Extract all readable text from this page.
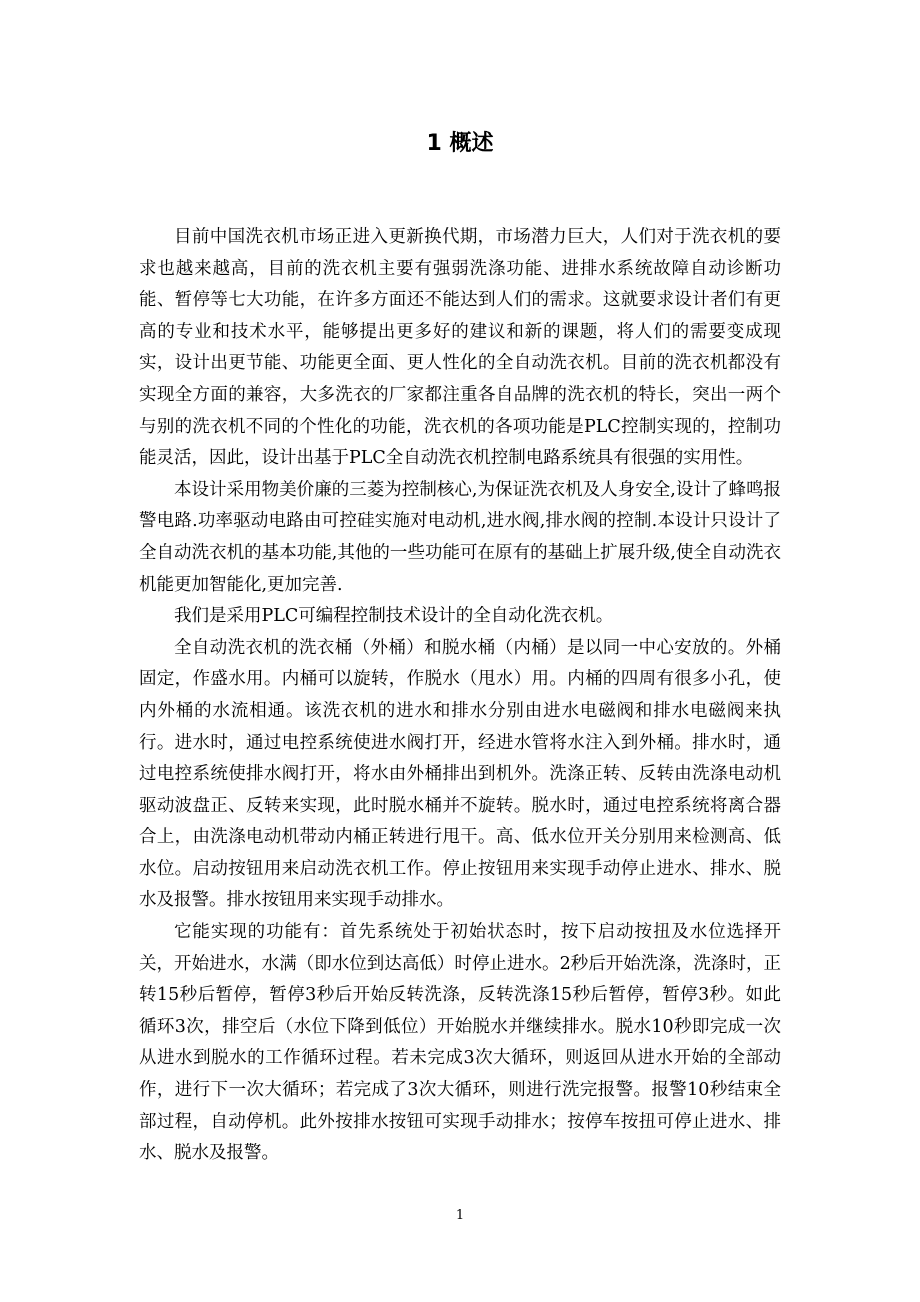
1 概述

目前中国洗衣机市场正进入更新换代期，市场潜力巨大，人们对于洗衣机的要求也越来越高，目前的洗衣机主要有强弱洗涤功能、进排水系统故障自动诊断功能、暂停等七大功能，在许多方面还不能达到人们的需求。这就要求设计者们有更高的专业和技术水平，能够提出更多好的建议和新的课题，将人们的需要变成现实，设计出更节能、功能更全面、更人性化的全自动洗衣机。目前的洗衣机都没有实现全方面的兼容，大多洗衣的厂家都注重各自品牌的洗衣机的特长，突出一两个与别的洗衣机不同的个性化的功能，洗衣机的各项功能是PLC控制实现的，控制功能灵活，因此，设计出基于PLC全自动洗衣机控制电路系统具有很强的实用性。

本设计采用物美价廉的三菱为控制核心,为保证洗衣机及人身安全,设计了蜂鸣报警电路.功率驱动电路由可控硅实施对电动机,进水阀,排水阀的控制.本设计只设计了全自动洗衣机的基本功能,其他的一些功能可在原有的基础上扩展升级,使全自动洗衣机能更加智能化,更加完善.

我们是采用PLC可编程控制技术设计的全自动化洗衣机。

全自动洗衣机的洗衣桶（外桶）和脱水桶（内桶）是以同一中心安放的。外桶固定，作盛水用。内桶可以旋转，作脱水（甩水）用。内桶的四周有很多小孔，使内外桶的水流相通。该洗衣机的进水和排水分别由进水电磁阀和排水电磁阀来执行。进水时，通过电控系统使进水阀打开，经进水管将水注入到外桶。排水时，通过电控系统使排水阀打开，将水由外桶排出到机外。洗涤正转、反转由洗涤电动机驱动波盘正、反转来实现，此时脱水桶并不旋转。脱水时，通过电控系统将离合器合上，由洗涤电动机带动内桶正转进行甩干。高、低水位开关分别用来检测高、低水位。启动按钮用来启动洗衣机工作。停止按钮用来实现手动停止进水、排水、脱水及报警。排水按钮用来实现手动排水。

它能实现的功能有：首先系统处于初始状态时，按下启动按扭及水位选择开关，开始进水，水满（即水位到达高低）时停止进水。2秒后开始洗涤，洗涤时，正转15秒后暂停，暂停3秒后开始反转洗涤，反转洗涤15秒后暂停，暂停3秒。如此循环3次，排空后（水位下降到低位）开始脱水并继续排水。脱水10秒即完成一次从进水到脱水的工作循环过程。若未完成3次大循环，则返回从进水开始的全部动作，进行下一次大循环；若完成了3次大循环，则进行洗完报警。报警10秒结束全部过程，自动停机。此外按排水按钮可实现手动排水；按停车按扭可停止进水、排水、脱水及报警。

1
